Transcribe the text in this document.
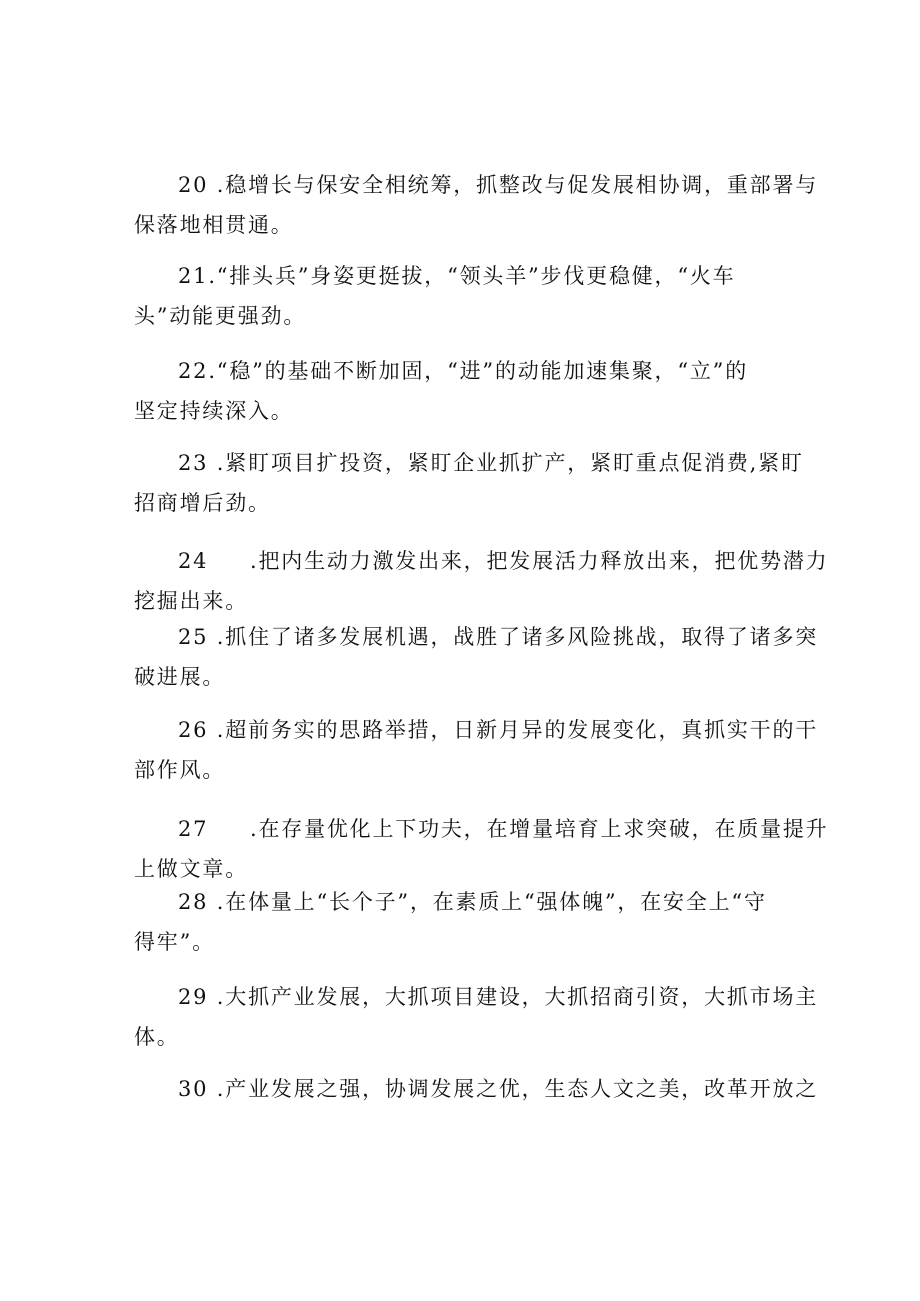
20 .稳增长与保安全相统筹，抓整改与促发展相协调，重部署与
保落地相贯通。
21.“排头兵”身姿更挺拔，“领头羊”步伐更稳健，“火车
头”动能更强劲。
22.“稳”的基础不断加固，“进”的动能加速集聚，“立”的
坚定持续深入。
23 .紧盯项目扩投资，紧盯企业抓扩产，紧盯重点促消费,紧盯
招商增后劲。
24 .把内生动力激发出来，把发展活力释放出来，把优势潜力
挖掘出来。
25 .抓住了诸多发展机遇，战胜了诸多风险挑战，取得了诸多突
破进展。
26 .超前务实的思路举措，日新月异的发展变化，真抓实干的干
部作风。
27 .在存量优化上下功夫，在增量培育上求突破，在质量提升
上做文章。
28 .在体量上“长个子”，在素质上“强体魄”，在安全上“守
得牢”。
29 .大抓产业发展，大抓项目建设，大抓招商引资，大抓市场主
体。
30 .产业发展之强，协调发展之优，生态人文之美，改革开放之
